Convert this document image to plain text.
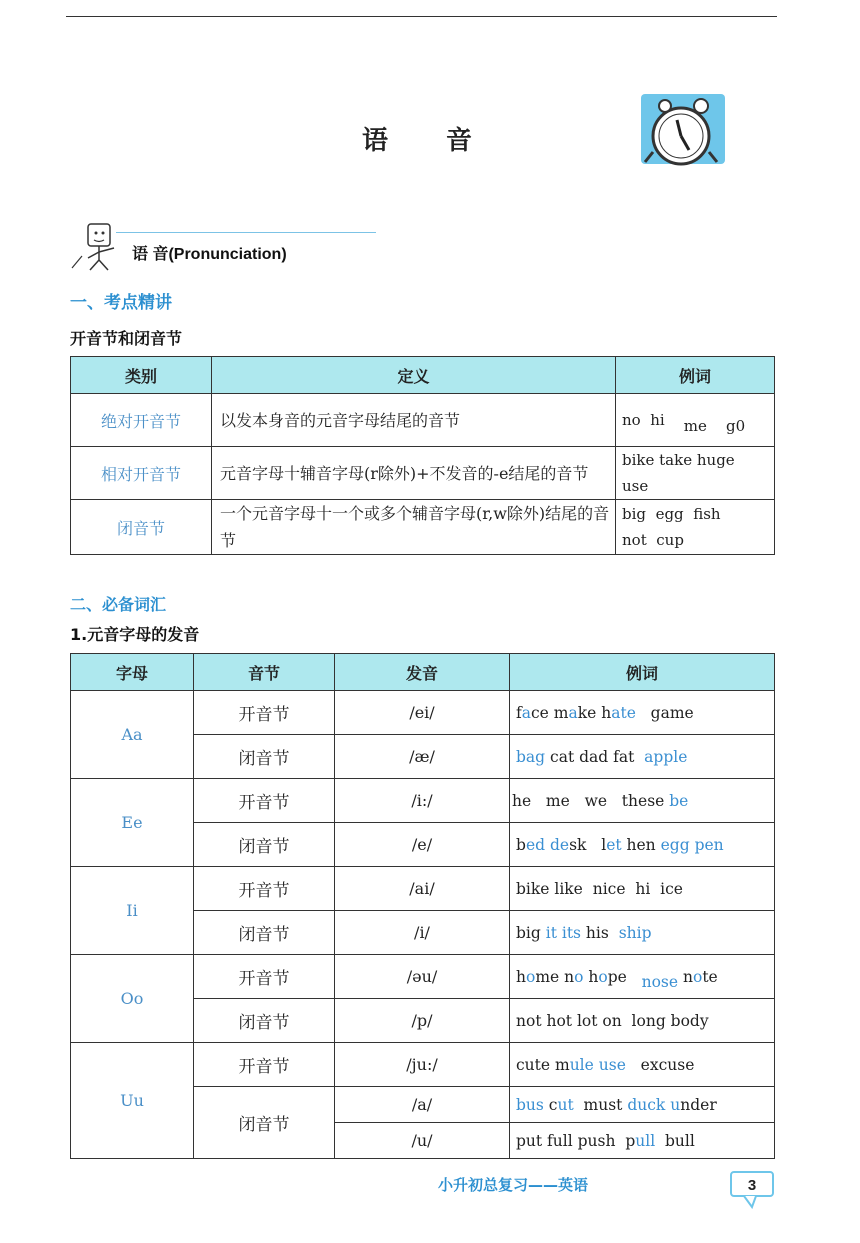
语 音
语 音(Pronunciation)
一、考点精讲
开音节和闭音节
类别	定义	例词
绝对开音节	以发本身音的元音字母结尾的音节	no hi me g0
相对开音节	元音字母十辅音字母(r除外)+不发音的-e结尾的音节	bike take huge
use
闭音节	一个元音字母十一个或多个辅音字母(r,w除外)结尾的音节	big egg fish
not cup
二、必备词汇
1.元音字母的发音
字母	音节	发音	例词
Aa	开音节	/ei/	face make hate   game
	闭音节	/æ/	bag cat dad fat  apple
Ee	开音节	/i:/	he   me   we   these be
	闭音节	/e/	bed desk   let hen egg pen
Ii	开音节	/ai/	bike like  nice  hi  ice
	闭音节	/i/	big it its his  ship
Oo	开音节	/əu/	home no hope   nose note
	闭音节	/p/	not hot lot on  long body
Uu	开音节	/ju:/	cute mule use   excuse
	闭音节	/a/	bus cut  must duck under
		/u/	put full push  pull  bull
小升初总复习——英语	3
